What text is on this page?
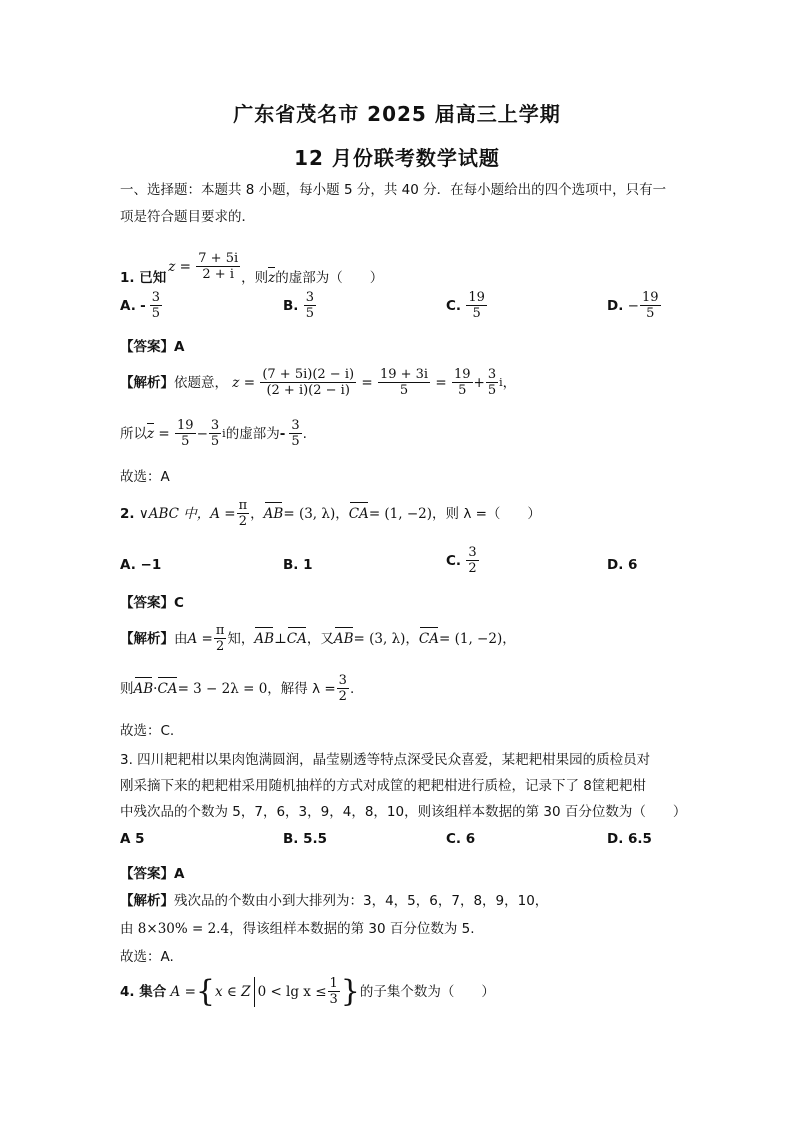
广东省茂名市 2025 届高三上学期
12 月份联考数学试题
一、选择题：本题共 8 小题，每小题 5 分，共 40 分．在每小题给出的四个选项中，只有一
项是符合题目要求的．
1. 已知
$z = \frac{7 + 5i}{2 + i}$ ，则 z 的虚部为（　　）
A.
- $\frac{3}{5}$	B.
$\frac{3}{5}$	C.
$\frac{19}{5}$	D.
− $\frac{19}{5}$
【答案】A
【解析】 依题意， $z = \frac{(7 + 5i)(2 - i)}{(2 + i)(2 - i)} = \frac{19 + 3i}{5} = \frac{19}{5} + \frac{3}{5}$ i ，
所以 $z = \frac{19}{5} - \frac{3}{5}$ i 的虚部为 - $\frac{3}{5}$ .
故选：A
2.
∨ ABC 中， $A = \frac{\pi}{2}$ ， AB = (3, λ) ， CA = (1, −2) ，则 λ =（　　）
A. −1	B. 1	C.
$\frac{3}{2}$	D. 6
【答案】C
【解析】 由 $A = \frac{\pi}{2}$ 知， AB ⊥ CA ，又 AB = (3, λ) ， CA = (1, −2) ，
则 AB · CA = 3 − 2λ = 0 ，解得 $\lambda = \frac{3}{2}$ .
故选：C.
3. 四川耙耙柑以果肉饱满圆润，晶莹剔透等特点深受民众喜爱，某耙耙柑果园的质检员对
刚采摘下来的耙耙柑采用随机抽样的方式对成筐的耙耙柑进行质检，记录下了 8筐耙耙柑
中残次品的个数为 5，7，6，3，9，4，8，10，则该组样本数据的第 30 百分位数为（　　）
A 5	B. 5.5	C. 6	D. 6.5
【答案】A
【解析】残次品的个数由小到大排列为：3，4，5，6，7，8，9，10，
由 8×30% = 2.4，得该组样本数据的第 30 百分位数为 5.
故选：A.
4. 集合
A = { x ∈ Z $0 < \lg x \le \frac{1}{3}$ } 的子集个数为（　　）
